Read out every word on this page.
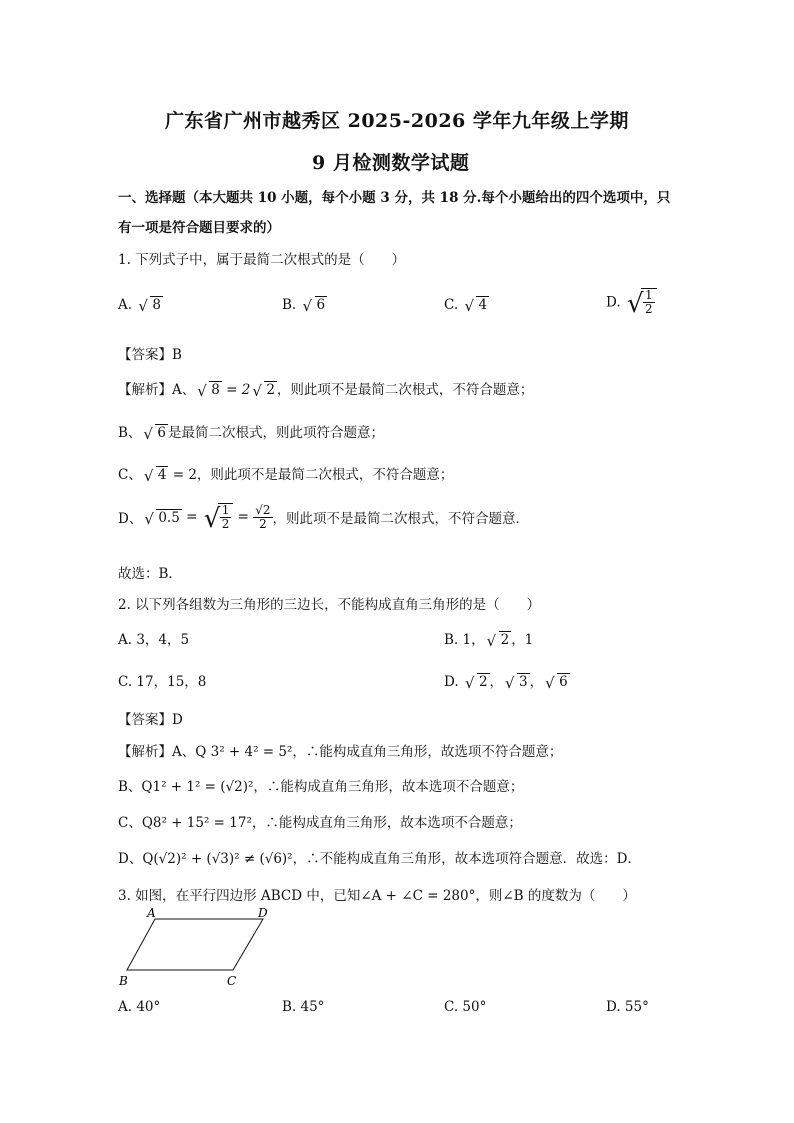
广东省广州市越秀区 2025-2026 学年九年级上学期
9 月检测数学试题
一、选择题（本大题共 10 小题，每个小题 3 分，共 18 分.每个小题给出的四个选项中，只
有一项是符合题目要求的）
1. 下列式子中，属于最简二次根式的是（　　）
A. √ 8	B. √ 6	C. √ 4	D. √ $\frac{1}{2}$
【答案】B
【解析】A、 √ 8 = 2 √ 2 ，则此项不是最简二次根式，不符合题意；
B、 √ 6 是最简二次根式，则此项符合题意；
C、 √ 4 = 2，则此项不是最简二次根式，不符合题意；
D、 √ 0.5 = √ $\frac{1}{2} = \frac{√2}{2}$ ，则此项不是最简二次根式，不符合题意．
故选：B．
2. 以下列各组数为三角形的三边长，不能构成直角三角形的是（　　）
A. 3，4，5	B. 1， √ 2 ，1
C. 17，15，8	D. √ 2 ， √ 3 ， √ 6
【答案】D
【解析】A、Q 3² + 4² = 5²，∴能构成直角三角形，故选项不符合题意；
B、Q1² + 1² = (√2)²，∴能构成直角三角形，故本选项不合题意；
C、Q8² + 15² = 17²，∴能构成直角三角形，故本选项不合题意；
D、Q(√2)² + (√3)² ≠ (√6)²，∴不能构成直角三角形，故本选项符合题意．故选：D．
3. 如图，在平行四边形 ABCD 中，已知∠A + ∠C = 280°，则∠B 的度数为（　　）
A	D
B	C
A. 40°	B. 45°	C. 50°	D. 55°
